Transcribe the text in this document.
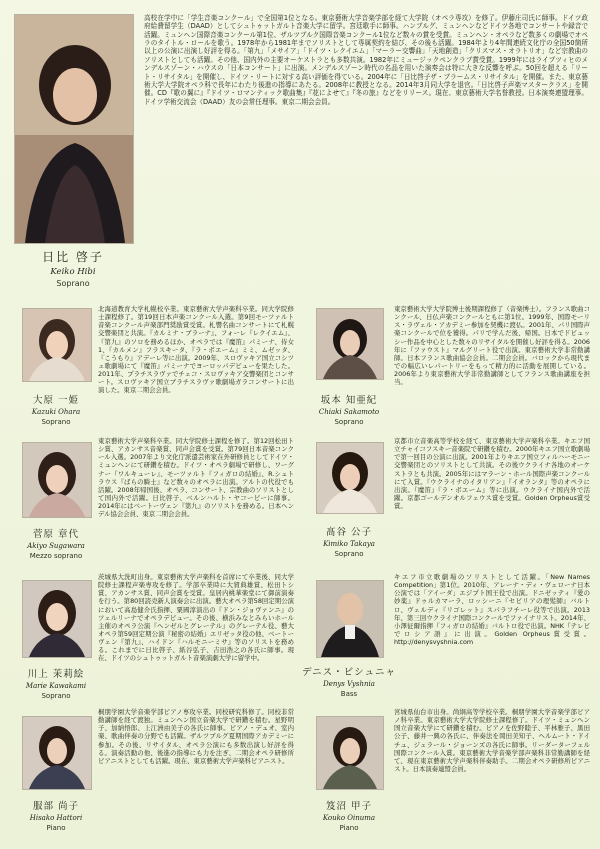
日比 啓子
Keiko Hibi
Soprano
高校在学中に「学生音楽コンクール」で全国第1位となる。東京藝術大学音楽学部を経て大学院（オペラ専攻）を修了。伊藤庄司氏に師事。ドイツ政府給費留学生（DAAD）としてシュトゥットガルト音楽大学に留学。宮廷歌手に師事。ハンブルグ、ミュンヘンなどドイツ各地でコンサートや録音で活躍。ミュンヘン国際音楽コンクール第1位、ザルツブルク国際音楽コンクール1位など数々の賞を受賞。ミュンヘン・オペラなど数多くの劇場でオペラのタイトル・ロールを歌う。1978年から1981年までソリストとして専属契約を結び、その後も活躍。1984年より4年間連続文化庁の全国50箇所以上の公演に出演し好評を得る。「第九」「メサイア」「ドイツ・レクイエム」「マーラー交響曲」「天地創造」「クリスマス・オラトリオ」など宗教曲のソリストとしても活躍。その他、国内外の主要オーケストラとも多数共演。1982年にミュージックペンクラブ賞受賞。1999年にはライプツィヒのメンデルスゾーン・ハウスの「日本コンサート」に出演。メンデルスゾーン時代の名品を用いた演奏会は特に大きな反響を呼ぶ。50回を超える「リート・リサイタル」を開催し、ドイツ・リートに対する高い評価を得ている。2004年に「日比啓子ザ・ブラームス・リサイタル」を開催。また、東京藝術大学大学院オペラ科で長年にわたり後進の指導にあたる。2008年に教授となる。2014年3月同大学を退官。「日比啓子声楽マスタークラス」を開催。CD『歌の翼に』『ドイツ・ロマンティック歌曲集』『花によせて』『冬の旅』などをリリース。現在、東京藝術大学名誉教授。日本演奏連盟理事。ドイツ学術交流会（DAAD）友の会常任理事。東京二期会会員。
大原 一姫
Kazuki Ohara
Soprano
北海道教育大学札幌校卒業。東京藝術大学声楽科卒業。同大学院修士課程修了。第19回日本声楽コンクール入選。第9回モーツァルト音楽コンクール声楽部門奨励賞受賞。札響名曲コンサートにて札幌交響楽団と共演。『カルミナ・ブラーナ』、フォーレ『レクイエム』、『第九』のソロを務めるほか、オペラでは『魔笛』パミーナ、侍女1、『カルメン』フラスキータ、『ラ・ボエーム』ミミ、ムゼッタ、『こうもり』アデーレ等に出演。2009年、スロヴァキア国立コシツェ歌劇場にて『魔笛』パミーナでヨーロッパデビューを果たした。2011年、プラチスラヴァでチェコ・スロヴァキア交響楽団とコンサート。スロヴァキア国立ブラチスラヴァ歌劇場ガラコンサートに出演した。東京二期会会員。
坂本 知亜紀
Chiaki Sakamoto
Soprano
東京藝術大学大学院博士後期課程修了（音楽博士）。フランス歌曲コンクール、日仏声楽コンクールともに第1位。1999年、国際モーリス・ラヴェル・アカデミー参加を契機に渡仏。2001年、パリ国際声楽コンクールで位を獲得。パリで学んだ後、帰国。日本でドビュッシー作品を中心とした数々のリサイタルを開催し好評を得る。2006年に『ファウスト』マルグリート役で出演。東京藝術大学非常勤講師。日本フランス歌曲協会会員。二期会会員。バロックから現代までの幅広いレパートリーをもって精力的に活動を展開している。2006年より東京藝術大学非常勤講師としてフランス歌曲講座を担当。
菅原 章代
Akiyo Sugawara
Mezzo soprano
東京藝術大学声楽科卒業。同大学院修士課程を修了。第12回松田トシ賞、アカンサス音楽賞、同声会賞を受賞。第79回日本音楽コンクール入選。2007年より文化庁派遣芸術家在外研修員としてドイツ・ミュンヘンにて研鑽を積む。ドイツ・オペラ劇場で研修し、ワーグナー『ワルキューレ』、モーツァルト『フィガロの結婚』、R.シュトラウス『ばらの騎士』など数々のオペラに出演。アルトの代役でも活躍。2008年帰国後、オペラ、コンサート、宗教曲のソリストとして国内外で活躍。日比啓子、ベルンハルト・ヤコービーに師事。2014年にはベートーヴェン『第九』のソリストを務める。日本ヘンデル協会会員、東京二期会会員。
髙谷 公子
Kimiko Takaya
Soprano
京都市立音楽高等学校を経て、東京藝術大学声楽科卒業。キエフ国立チャイコフスキー音楽院で研鑽を積む。2000年キエフ国立歌劇場で第一回目の公演に出演。2001年よりキエフ国立フィルハーモニー交響楽団とのソリストとして共演。その後ウクライナ各地のオーケストラとも共演。2005年にはマラーン・ホール国際声楽コンクールにて入賞。『ウクライナのイタリアン』『イオランタ』等のオペラに出演。『魔笛』『ラ・ボエーム』等に出演。ウクライナ国内外で活躍。京都ゴールデンオルフェウス賞を受賞。Golden Orpheus賞受賞。
川上 茉莉絵
Marie Kawakami
Soprano
茨城県大洗町出身。東京藝術大学声楽科を首席にて卒業後、同大学院修士課程声楽専攻を修了。学部卒業時に大賀典雄賞、松田トシ賞、アカンサス賞、同声会賞を受賞。皇居内桃華楽堂にて御前演奏を行う。第80回読売新人演奏会に出演。藝大オペラ第58回定期公演において高島健介氏指揮、粟國淳演出の『ドン・ジョヴァンニ』のツェルリーナでオペラデビュー。その後、横浜みなとみらいホール主催のオペラ公演『ヘンゼルとグレーテル』のグレーテル役、藝大オペラ第59回定期公演『秘密の結婚』エリゼッタ役の他、ベートーヴェン『第九』、ハイドン『ハルモニーミサ』等のソリストを務める。これまでに日比啓子、紙谷弘子、吉田浩之の各氏に師事。現在、ドイツのシュトゥットガルト音楽演劇大学に留学中。
デニス・ビシュニャ
Denys Vyshnia
Bass
キエフ市立歌劇場のソリストとして活躍。「New Names Competition」第1位。2010年、アレーナ・ディ・ヴェローナ日本公演では「アイーダ」エジプト国王役で出演。ドニゼッティ『愛の妙薬』ドゥルカマーラ、ロッシーニ『セビリアの理髪師』バルトロ、ヴェルディ『リゴレット』スパラフチーレ役等で出演。2013年、第三回ウクライナ国際コンクールでファイナリスト。2014年、小澤征爾指揮『フィガロの結婚』バルトロ役で出演。NHK『テレビでロシア語』に出演。Golden Orpheus賞受賞。http://denysvyshnia.com
服部 尚子
Hisako Hattori
Piano
桐朋学園大学音楽学部ピアノ専攻卒業。同校研究科修了。同校非常勤講師を経て渡独。ミュンヘン国立音楽大学で研鑽を積む。星野明子、加納悟郎、上江洲由美子の各氏に師事。ピアノ・デュオ、室内楽、歌曲伴奏の分野でも活躍。ザルツブルグ夏期国際アカデミーに参加。その後、リサイタル、オペラ公演にも多数出演し好評を得る。演奏活動の他、後進の指導にも力を注ぎ、二期会オペラ研修所ピアニストとしても活躍。現在、東京藝術大学声楽科ピアニスト。
笈沼 甲子
Kouko Oinuma
Piano
宮城県仙台市出身。尚絅高等学校卒業。桐朋学園大学音楽学部ピアノ科卒業。東京藝術大学大学院修士課程修了。ドイツ・ミュンヘン国立音楽大学にて研鑽を積む。ピアノを佐野睦子、平林雅子、黒田公子、藤井一興の各氏に、伴奏法を岡田美知子、ヘルムート・ドイチュ、ジェラール・ジョーンズの各氏に師事。リーダーターフェル国際コンクール入賞。東京藝術大学音楽学部声楽科非常勤講師を経て、現在東京藝術大学声楽科伴奏助手。二期会オペラ研修所ピアニスト。日本演奏連盟会員。
